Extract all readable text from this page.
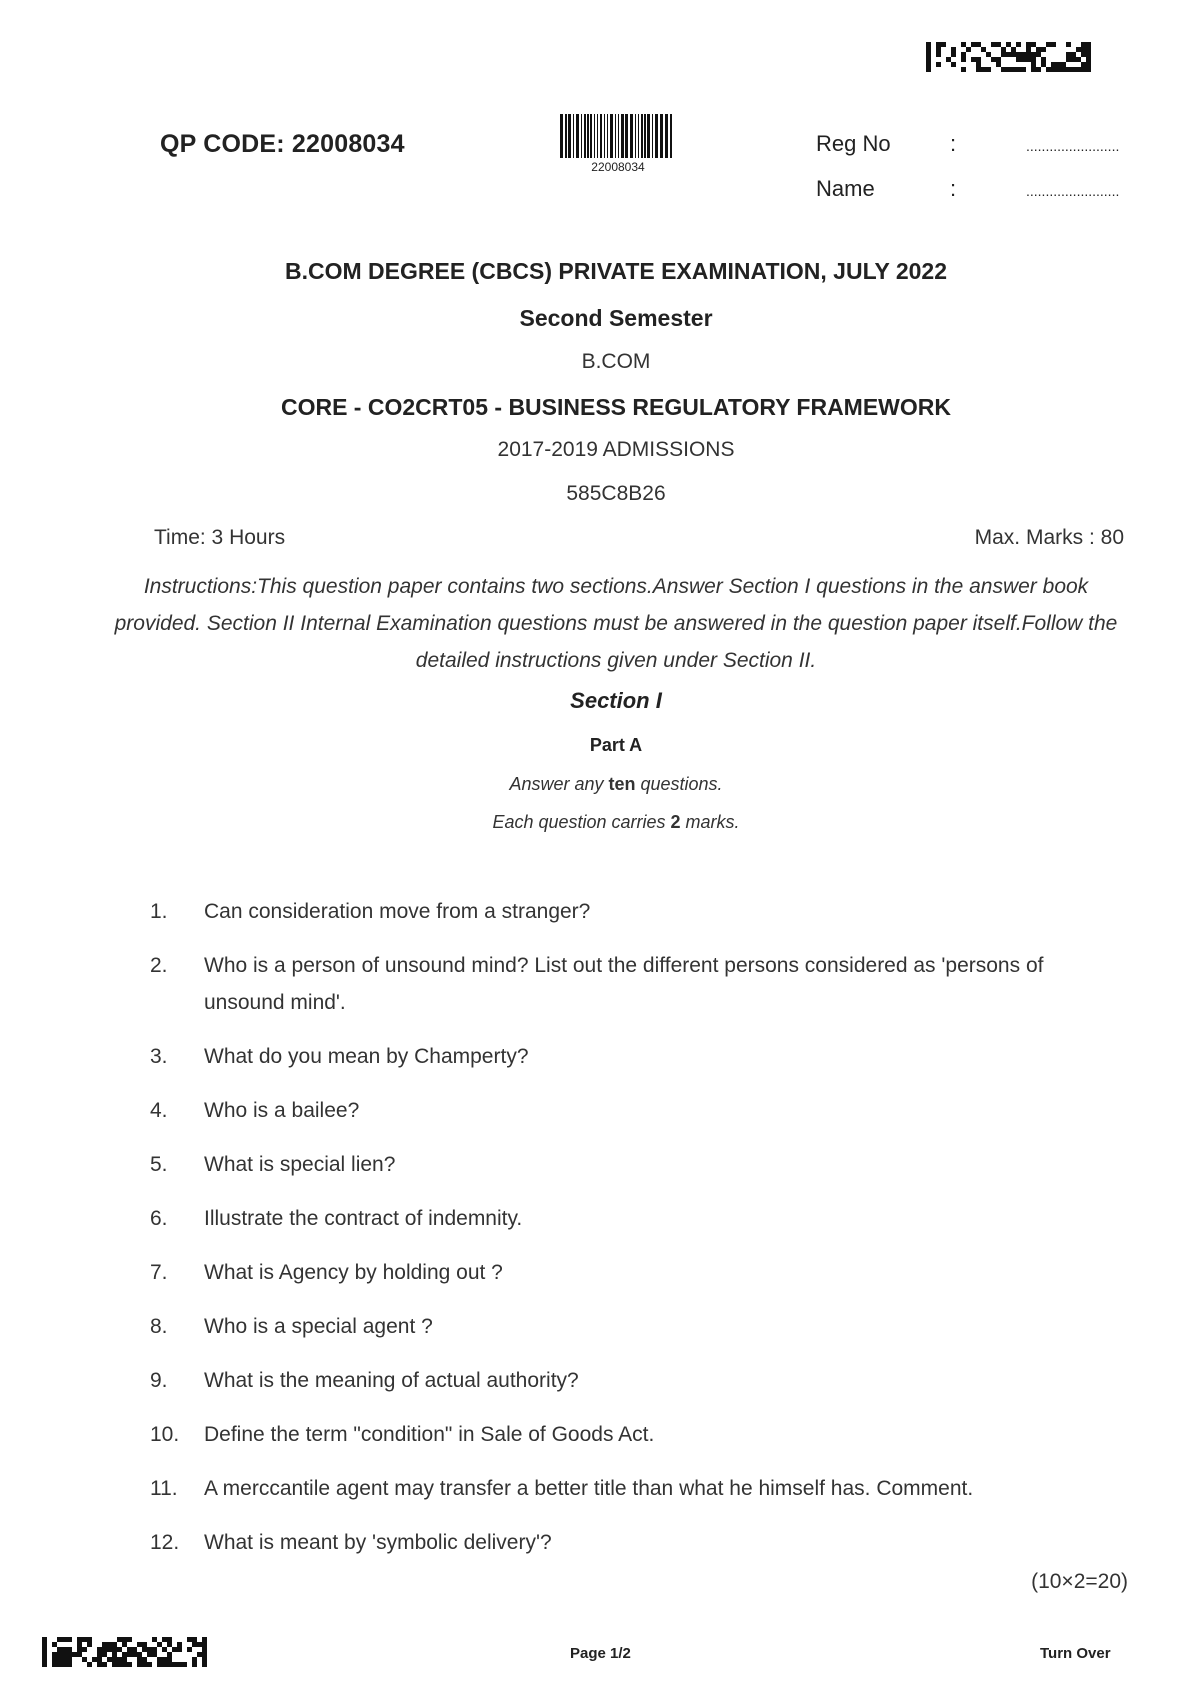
QP CODE: 22008034
22008034
Reg No	:	........................
Name	:	........................
B.COM DEGREE (CBCS) PRIVATE EXAMINATION, JULY 2022
Second Semester
B.COM
CORE - CO2CRT05 - BUSINESS REGULATORY FRAMEWORK
2017-2019 ADMISSIONS
585C8B26
Time: 3 Hours	Max. Marks : 80
Instructions:This question paper contains two sections.Answer Section I questions in the answer book provided. Section II Internal Examination questions must be answered in the question paper itself.Follow the detailed instructions given under Section II.
Section I
Part A
Answer any ten questions.
Each question carries 2 marks.
1.	Can consideration move from a stranger?
2.	Who is a person of unsound mind? List out the different persons considered as 'persons of unsound mind'.
3.	What do you mean by Champerty?
4.	Who is a bailee?
5.	What is special lien?
6.	Illustrate the contract of indemnity.
7.	What is Agency by holding out ?
8.	Who is a special agent ?
9.	What is the meaning of actual authority?
10.	Define the term "condition" in Sale of Goods Act.
11.	A merccantile agent may transfer a better title than what he himself has. Comment.
12.	What is meant by 'symbolic delivery'?
(10×2=20)
Page 1/2	Turn Over
